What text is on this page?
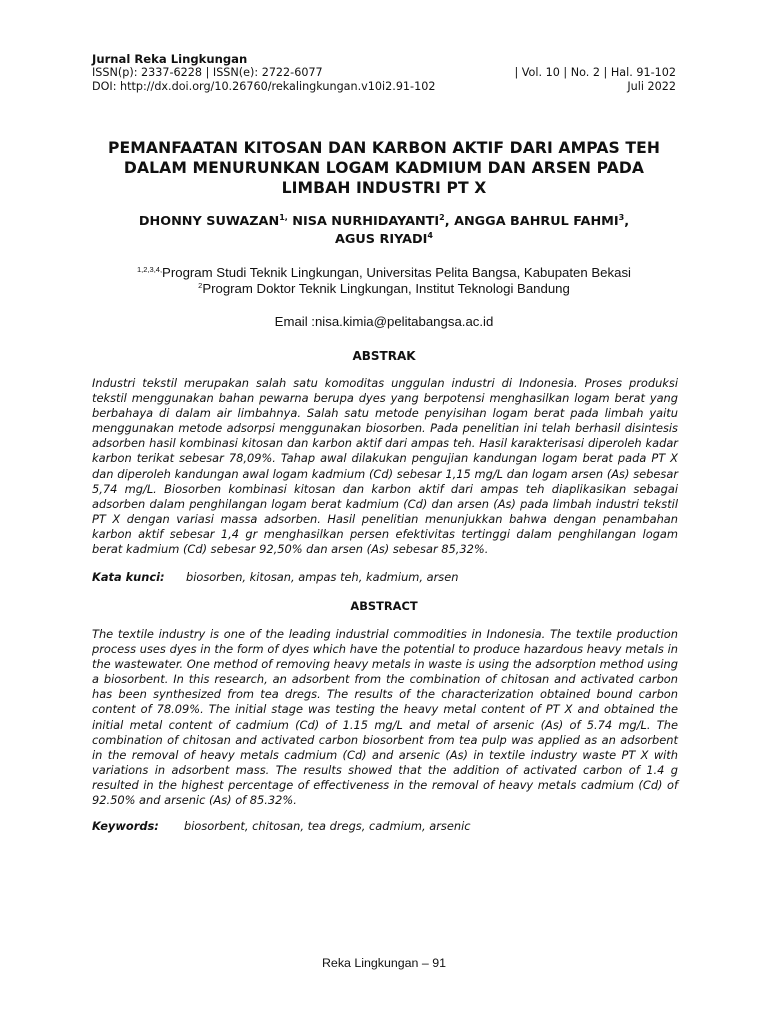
Jurnal Reka Lingkungan
ISSN(p): 2337-6228 | ISSN(e): 2722-6077
DOI: http://dx.doi.org/10.26760/rekalingkungan.v10i2.91-102
| Vol. 10 | No. 2 | Hal. 91-102
Juli 2022
PEMANFAATAN KITOSAN DAN KARBON AKTIF DARI AMPAS TEH DALAM MENURUNKAN LOGAM KADMIUM DAN ARSEN PADA LIMBAH INDUSTRI PT X
DHONNY $SUWAZAN^{1,}$ NISA NURHIDAYANTI$^2$, ANGGA BAHRUL FAHMI$^3$,
AGUS RIYADI$^4$
$^{1,2,3,4,}$Program Studi Teknik Lingkungan, Universitas Pelita Bangsa, Kabupaten Bekasi
$^2$Program Doktor Teknik Lingkungan, Institut Teknologi Bandung
Email :nisa.kimia@pelitabangsa.ac.id
ABSTRAK
Industri tekstil merupakan salah satu komoditas unggulan industri di Indonesia. Proses produksi tekstil menggunakan bahan pewarna berupa dyes yang berpotensi menghasilkan logam berat yang berbahaya di dalam air limbahnya. Salah satu metode penyisihan logam berat pada limbah yaitu menggunakan metode adsorpsi menggunakan biosorben. Pada penelitian ini telah berhasil disintesis adsorben hasil kombinasi kitosan dan karbon aktif dari ampas teh. Hasil karakterisasi diperoleh kadar karbon terikat sebesar 78,09%. Tahap awal dilakukan pengujian kandungan logam berat pada PT X dan diperoleh kandungan awal logam kadmium (Cd) sebesar 1,15 mg/L dan logam arsen (As) sebesar 5,74 mg/L. Biosorben kombinasi kitosan dan karbon aktif dari ampas teh diaplikasikan sebagai adsorben dalam penghilangan logam berat kadmium (Cd) dan arsen (As) pada limbah industri tekstil PT X dengan variasi massa adsorben. Hasil penelitian menunjukkan bahwa dengan penambahan karbon aktif sebesar 1,4 gr menghasilkan persen efektivitas tertinggi dalam penghilangan logam berat kadmium (Cd) sebesar 92,50% dan arsen (As) sebesar 85,32%.
Kata kunci: biosorben, kitosan, ampas teh, kadmium, arsen
ABSTRACT
The textile industry is one of the leading industrial commodities in Indonesia. The textile production process uses dyes in the form of dyes which have the potential to produce hazardous heavy metals in the wastewater. One method of removing heavy metals in waste is using the adsorption method using a biosorbent. In this research, an adsorbent from the combination of chitosan and activated carbon has been synthesized from tea dregs. The results of the characterization obtained bound carbon content of 78.09%. The initial stage was testing the heavy metal content of PT X and obtained the initial metal content of cadmium (Cd) of 1.15 mg/L and metal of arsenic (As) of 5.74 mg/L. The combination of chitosan and activated carbon biosorbent from tea pulp was applied as an adsorbent in the removal of heavy metals cadmium (Cd) and arsenic (As) in textile industry waste PT X with variations in adsorbent mass. The results showed that the addition of activated carbon of 1.4 g resulted in the highest percentage of effectiveness in the removal of heavy metals cadmium (Cd) of 92.50% and arsenic (As) of 85.32%.
Keywords: biosorbent, chitosan, tea dregs, cadmium, arsenic
Reka Lingkungan – 91
